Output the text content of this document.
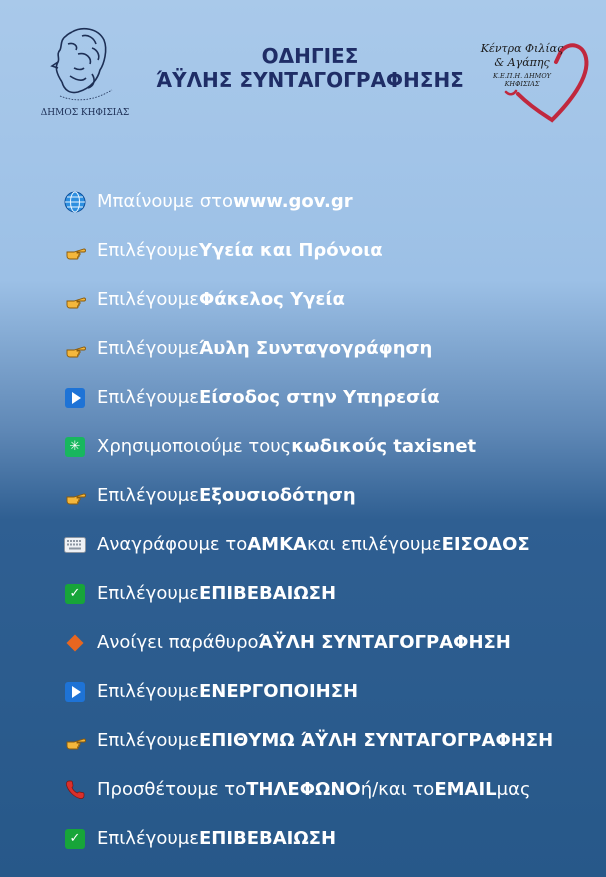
ΔΗΜΟΣ ΚΗΦΙΣΙΑΣ
ΟΔΗΓΙΕΣ
ΆΫΛΗΣ ΣΥΝΤΑΓΟΓΡΑΦΗΣΗΣ
Κέντρα Φιλίας
& Αγάπης
Κ.Ε.Π.Η. ΔΗΜΟΥ ΚΗΦΙΣΙΑΣ
Μπαίνουμε στο www.gov.gr
Επιλέγουμε Υγεία και Πρόνοια
Επιλέγουμε Φάκελος Υγεία
Επιλέγουμε Άυλη Συνταγογράφηση
Επιλέγουμε Είσοδος στην Υπηρεσία
✳ Χρησιμοποιούμε τους κωδικούς taxisnet
Επιλέγουμε Εξουσιοδότηση
Αναγράφουμε το ΑΜΚΑ και επιλέγουμε ΕΙΣΟΔΟΣ
✓ Επιλέγουμε ΕΠΙΒΕΒΑΙΩΣΗ
Ανοίγει παράθυρο ΆΫΛΗ ΣΥΝΤΑΓΟΓΡΑΦΗΣΗ
Επιλέγουμε ΕΝΕΡΓΟΠΟΙΗΣΗ
Επιλέγουμε ΕΠΙΘΥΜΩ ΆΫΛΗ ΣΥΝΤΑΓΟΓΡΑΦΗΣΗ
Προσθέτουμε το ΤΗΛΕΦΩΝΟ ή/και το EMAIL μας
✓ Επιλέγουμε ΕΠΙΒΕΒΑΙΩΣΗ
